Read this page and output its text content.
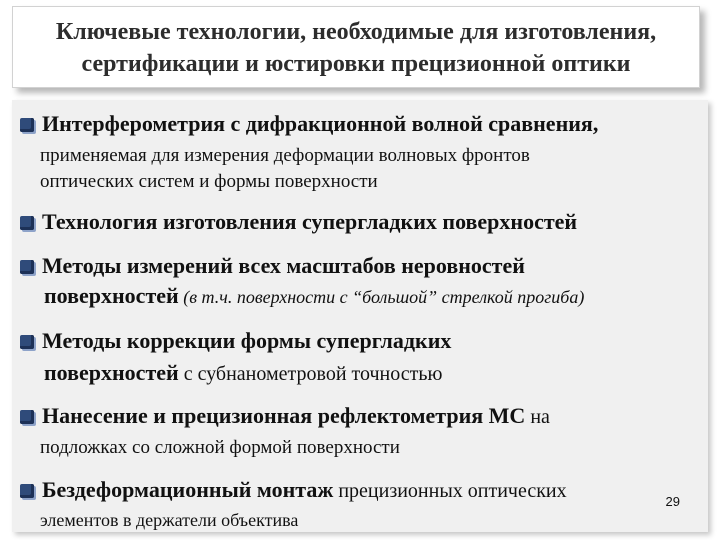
Ключевые технологии, необходимые для изготовления,
сертификации и юстировки прецизионной оптики
Интерферометрия с дифракционной волной сравнения,
применяемая для измерения деформации волновых фронтов
оптических систем и формы поверхности
Технология изготовления супергладких поверхностей
Методы измерений всех масштабов неровностей
поверхностей (в т.ч. поверхности с “большой” стрелкой прогиба)
Методы коррекции формы супергладких
поверхностей с субнанометровой точностью
Нанесение и прецизионная рефлектометрия МС на
подложках со сложной формой поверхности
Бездеформационный монтаж прецизионных оптических
элементов в держатели объектива
29
